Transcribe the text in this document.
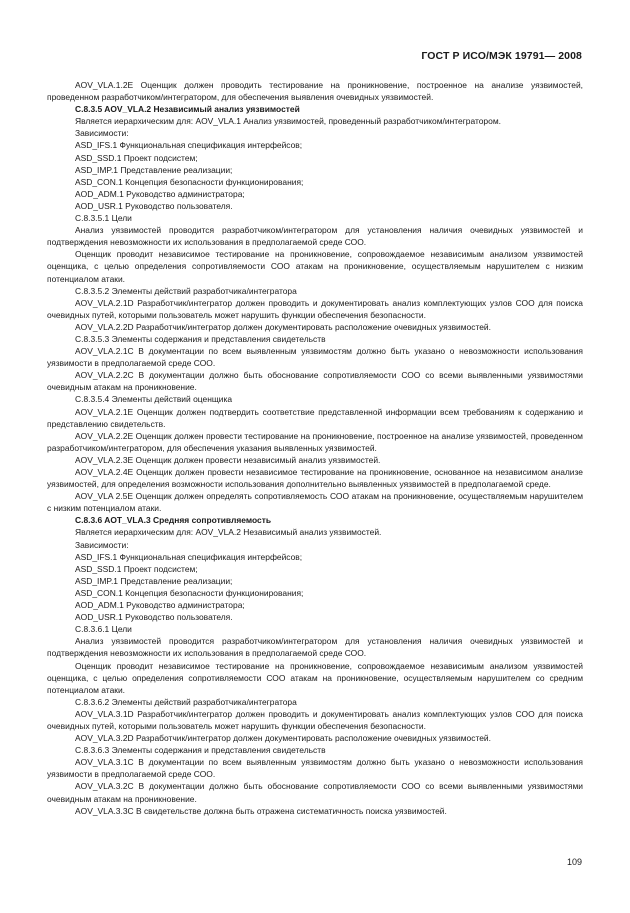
ГОСТ Р ИСО/МЭК 19791— 2008

AOV_VLA.1.2E Оценщик должен проводить тестирование на проникновение, построенное на анализе уязвимостей, проведенном разработчиком/интегратором, для обеспечения выявления очевидных уязвимостей.

C.8.3.5 AOV_VLA.2 Независимый анализ уязвимостей

Является иерархическим для: AOV_VLA.1 Анализ уязвимостей, проведенный разработчиком/интегратором.

Зависимости:

ASD_IFS.1 Функциональная спецификация интерфейсов;

ASD_SSD.1 Проект подсистем;

ASD_IMP.1 Представление реализации;

ASD_CON.1 Концепция безопасности функционирования;

AOD_ADM.1 Руководство администратора;

AOD_USR.1 Руководство пользователя.

C.8.3.5.1 Цели

Анализ уязвимостей проводится разработчиком/интегратором для установления наличия очевидных уязвимостей и подтверждения невозможности их использования в предполагаемой среде СОО.

Оценщик проводит независимое тестирование на проникновение, сопровождаемое независимым анализом уязвимостей оценщика, с целью определения сопротивляемости СОО атакам на проникновение, осуществляемым нарушителем с низким потенциалом атаки.

C.8.3.5.2 Элементы действий разработчика/интегратора

AOV_VLA.2.1D Разработчик/интегратор должен проводить и документировать анализ комплектующих узлов СОО для поиска очевидных путей, которыми пользователь может нарушить функции обеспечения безопасности.

AOV_VLA.2.2D Разработчик/интегратор должен документировать расположение очевидных уязвимостей.

C.8.3.5.3 Элементы содержания и представления свидетельств

AOV_VLA.2.1C В документации по всем выявленным уязвимостям должно быть указано о невозможности использования уязвимости в предполагаемой среде СОО.

AOV_VLA.2.2C В документации должно быть обоснование сопротивляемости СОО со всеми выявленными уязвимостями очевидным атакам на проникновение.

C.8.3.5.4 Элементы действий оценщика

AOV_VLA.2.1E Оценщик должен подтвердить соответствие представленной информации всем требованиям к содержанию и представлению свидетельств.

AOV_VLA.2.2E Оценщик должен провести тестирование на проникновение, построенное на анализе уязвимостей, проведенном разработчиком/интегратором, для обеспечения указания выявленных уязвимостей.

AOV_VLA.2.3E Оценщик должен провести независимый анализ уязвимостей.

AOV_VLA.2.4E Оценщик должен провести независимое тестирование на проникновение, основанное на независимом анализе уязвимостей, для определения возможности использования дополнительно выявленных уязвимостей в предполагаемой среде.

AOV_VLA 2.5E Оценщик должен определять сопротивляемость СОО атакам на проникновение, осуществляемым нарушителем с низким потенциалом атаки.

C.8.3.6 AOT_VLA.3 Средняя сопротивляемость

Является иерархическим для: AOV_VLA.2 Независимый анализ уязвимостей.

Зависимости:

ASD_IFS.1 Функциональная спецификация интерфейсов;

ASD_SSD.1 Проект подсистем;

ASD_IMP.1 Представление реализации;

ASD_CON.1 Концепция безопасности функционирования;

AOD_ADM.1 Руководство администратора;

AOD_USR.1 Руководство пользователя.

C.8.3.6.1 Цели

Анализ уязвимостей проводится разработчиком/интегратором для установления наличия очевидных уязвимостей и подтверждения невозможности их использования в предполагаемой среде СОО.

Оценщик проводит независимое тестирование на проникновение, сопровождаемое независимым анализом уязвимостей оценщика, с целью определения сопротивляемости СОО атакам на проникновение, осуществляемым нарушителем со средним потенциалом атаки.

C.8.3.6.2 Элементы действий разработчика/интегратора

AOV_VLA.3.1D Разработчик/интегратор должен проводить и документировать анализ комплектующих узлов СОО для поиска очевидных путей, которыми пользователь может нарушить функции обеспечения безопасности.

AOV_VLA.3.2D Разработчик/интегратор должен документировать расположение очевидных уязвимостей.

C.8.3.6.3 Элементы содержания и представления свидетельств

AOV_VLA.3.1C В документации по всем выявленным уязвимостям должно быть указано о невозможности использования уязвимости в предполагаемой среде СОО.

AOV_VLA.3.2C В документации должно быть обоснование сопротивляемости СОО со всеми выявленными уязвимостями очевидным атакам на проникновение.

AOV_VLA.3.3C В свидетельстве должна быть отражена систематичность поиска уязвимостей.

109
